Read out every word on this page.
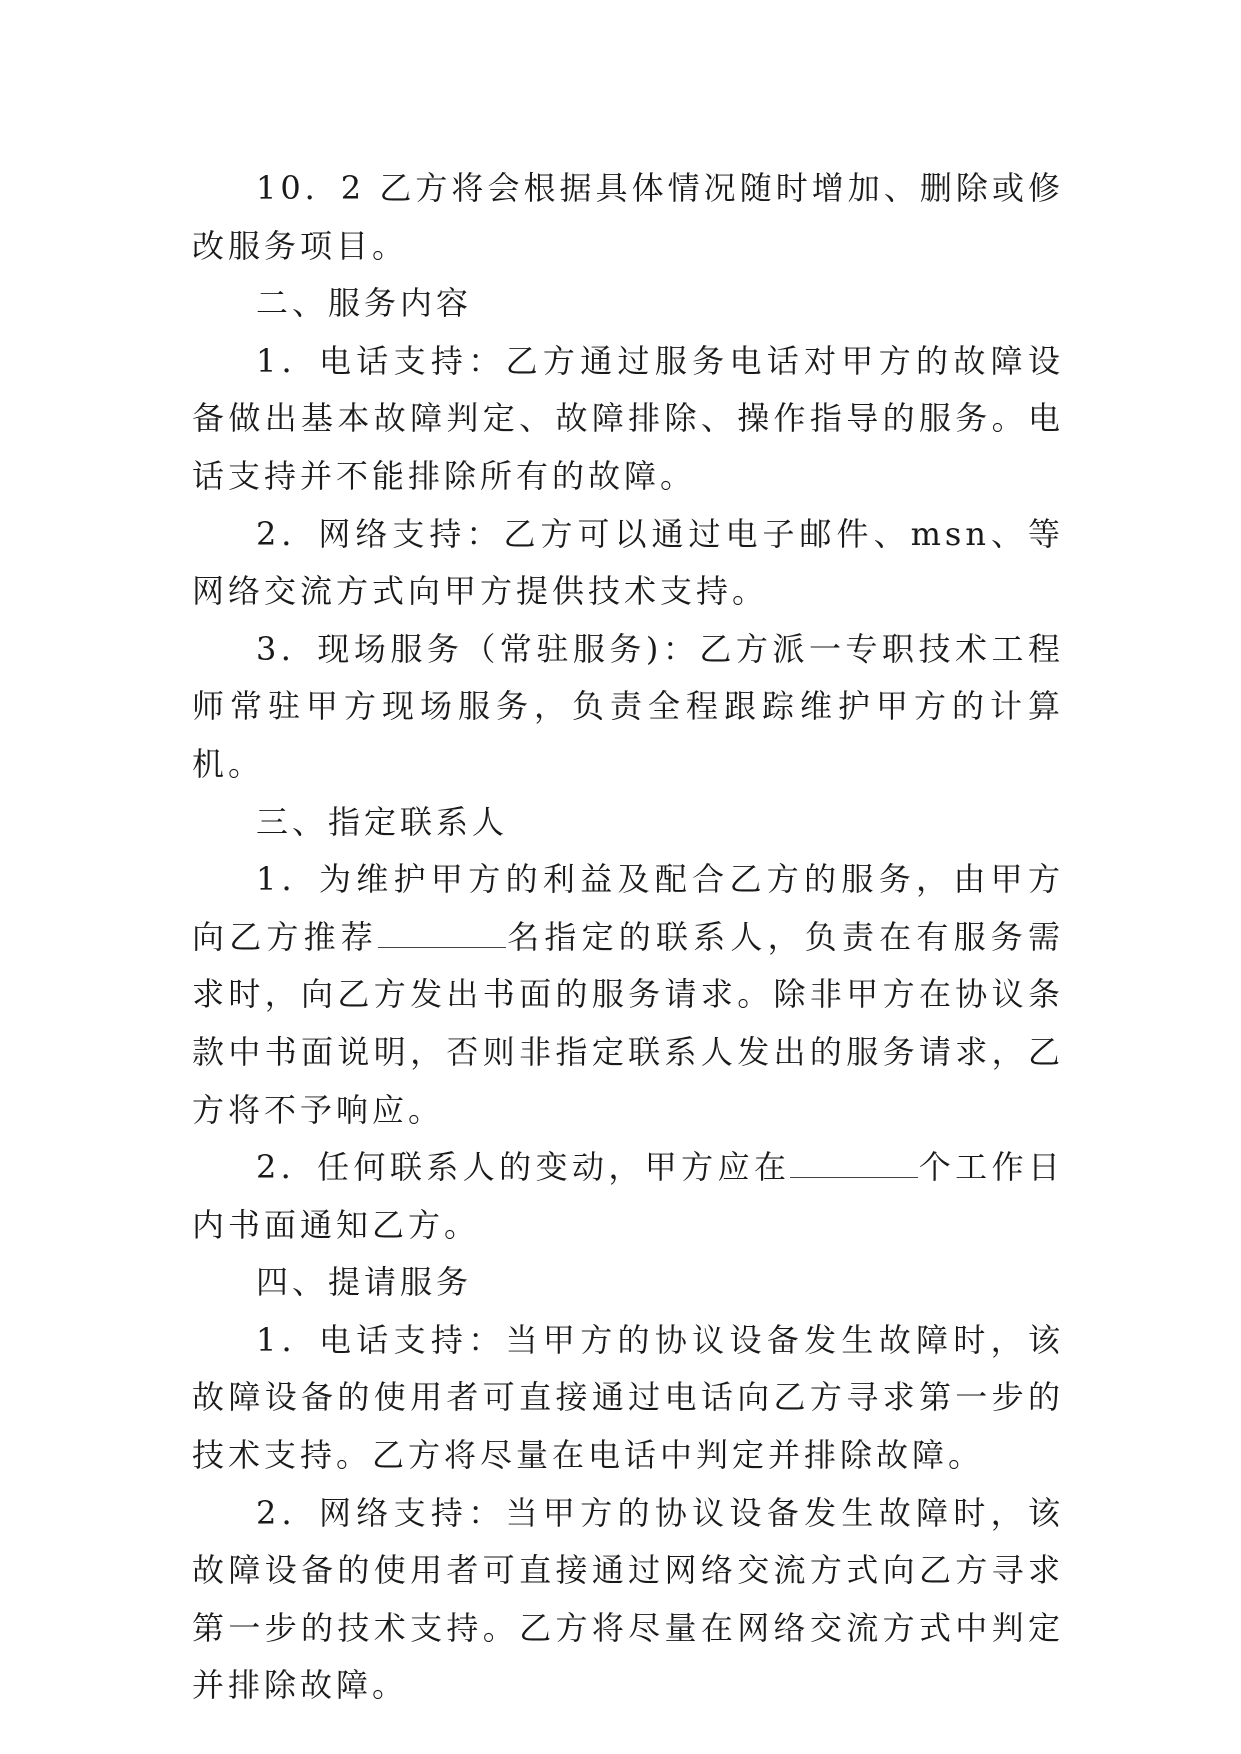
10．2 乙方将会根据具体情况随时增加、删除或修改服务项目。

二、服务内容

1．电话支持：乙方通过服务电话对甲方的故障设备做出基本故障判定、故障排除、操作指导的服务。电话支持并不能排除所有的故障。

2．网络支持：乙方可以通过电子邮件、msn、等网络交流方式向甲方提供技术支持。

3．现场服务（常驻服务)：乙方派一专职技术工程师常驻甲方现场服务，负责全程跟踪维护甲方的计算机。

三、指定联系人

1．为维护甲方的利益及配合乙方的服务，由甲方向乙方推荐	名指定的联系人，负责在有服务需求时，向乙方发出书面的服务请求。除非甲方在协议条款中书面说明，否则非指定联系人发出的服务请求，乙方将不予响应。

2．任何联系人的变动，甲方应在	个工作日内书面通知乙方。

四、提请服务

1．电话支持：当甲方的协议设备发生故障时，该故障设备的使用者可直接通过电话向乙方寻求第一步的技术支持。乙方将尽量在电话中判定并排除故障。

2．网络支持：当甲方的协议设备发生故障时，该故障设备的使用者可直接通过网络交流方式向乙方寻求第一步的技术支持。乙方将尽量在网络交流方式中判定并排除故障。
